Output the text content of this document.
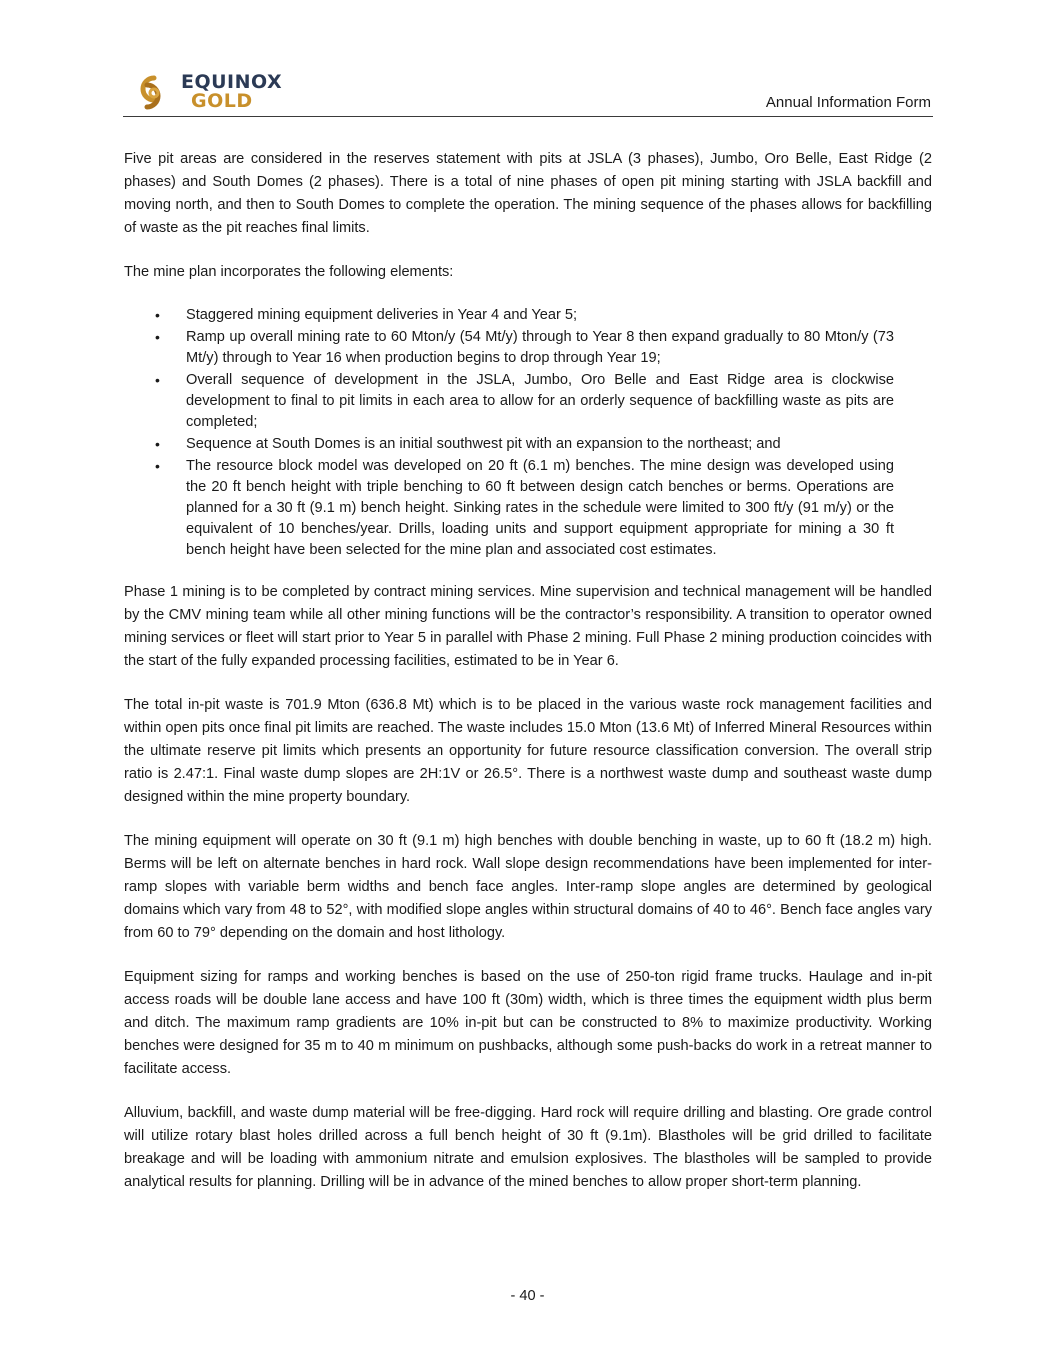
EQUINOX
GOLD	Annual Information Form

Five pit areas are considered in the reserves statement with pits at JSLA (3 phases), Jumbo, Oro Belle, East Ridge (2 phases) and South Domes (2 phases). There is a total of nine phases of open pit mining starting with JSLA backfill and moving north, and then to South Domes to complete the operation. The mining sequence of the phases allows for backfilling of waste as the pit reaches final limits.

The mine plan incorporates the following elements:

• Staggered mining equipment deliveries in Year 4 and Year 5;
• Ramp up overall mining rate to 60 Mton/y (54 Mt/y) through to Year 8 then expand gradually to 80 Mton/y (73 Mt/y) through to Year 16 when production begins to drop through Year 19;
• Overall sequence of development in the JSLA, Jumbo, Oro Belle and East Ridge area is clockwise development to final to pit limits in each area to allow for an orderly sequence of backfilling waste as pits are completed;
• Sequence at South Domes is an initial southwest pit with an expansion to the northeast; and
• The resource block model was developed on 20 ft (6.1 m) benches. The mine design was developed using the 20 ft bench height with triple benching to 60 ft between design catch benches or berms. Operations are planned for a 30 ft (9.1 m) bench height. Sinking rates in the schedule were limited to 300 ft/y (91 m/y) or the equivalent of 10 benches/year. Drills, loading units and support equipment appropriate for mining a 30 ft bench height have been selected for the mine plan and associated cost estimates.

Phase 1 mining is to be completed by contract mining services. Mine supervision and technical management will be handled by the CMV mining team while all other mining functions will be the contractor’s responsibility. A transition to operator owned mining services or fleet will start prior to Year 5 in parallel with Phase 2 mining. Full Phase 2 mining production coincides with the start of the fully expanded processing facilities, estimated to be in Year 6.

The total in-pit waste is 701.9 Mton (636.8 Mt) which is to be placed in the various waste rock management facilities and within open pits once final pit limits are reached. The waste includes 15.0 Mton (13.6 Mt) of Inferred Mineral Resources within the ultimate reserve pit limits which presents an opportunity for future resource classification conversion. The overall strip ratio is 2.47:1. Final waste dump slopes are 2H:1V or 26.5°. There is a northwest waste dump and southeast waste dump designed within the mine property boundary.

The mining equipment will operate on 30 ft (9.1 m) high benches with double benching in waste, up to 60 ft (18.2 m) high. Berms will be left on alternate benches in hard rock. Wall slope design recommendations have been implemented for inter-ramp slopes with variable berm widths and bench face angles. Inter-ramp slope angles are determined by geological domains which vary from 48 to 52°, with modified slope angles within structural domains of 40 to 46°. Bench face angles vary from 60 to 79° depending on the domain and host lithology.

Equipment sizing for ramps and working benches is based on the use of 250-ton rigid frame trucks. Haulage and in-pit access roads will be double lane access and have 100 ft (30m) width, which is three times the equipment width plus berm and ditch. The maximum ramp gradients are 10% in-pit but can be constructed to 8% to maximize productivity. Working benches were designed for 35 m to 40 m minimum on pushbacks, although some push-backs do work in a retreat manner to facilitate access.

Alluvium, backfill, and waste dump material will be free-digging. Hard rock will require drilling and blasting. Ore grade control will utilize rotary blast holes drilled across a full bench height of 30 ft (9.1m). Blastholes will be grid drilled to facilitate breakage and will be loading with ammonium nitrate and emulsion explosives. The blastholes will be sampled to provide analytical results for planning. Drilling will be in advance of the mined benches to allow proper short-term planning.

- 40 -
